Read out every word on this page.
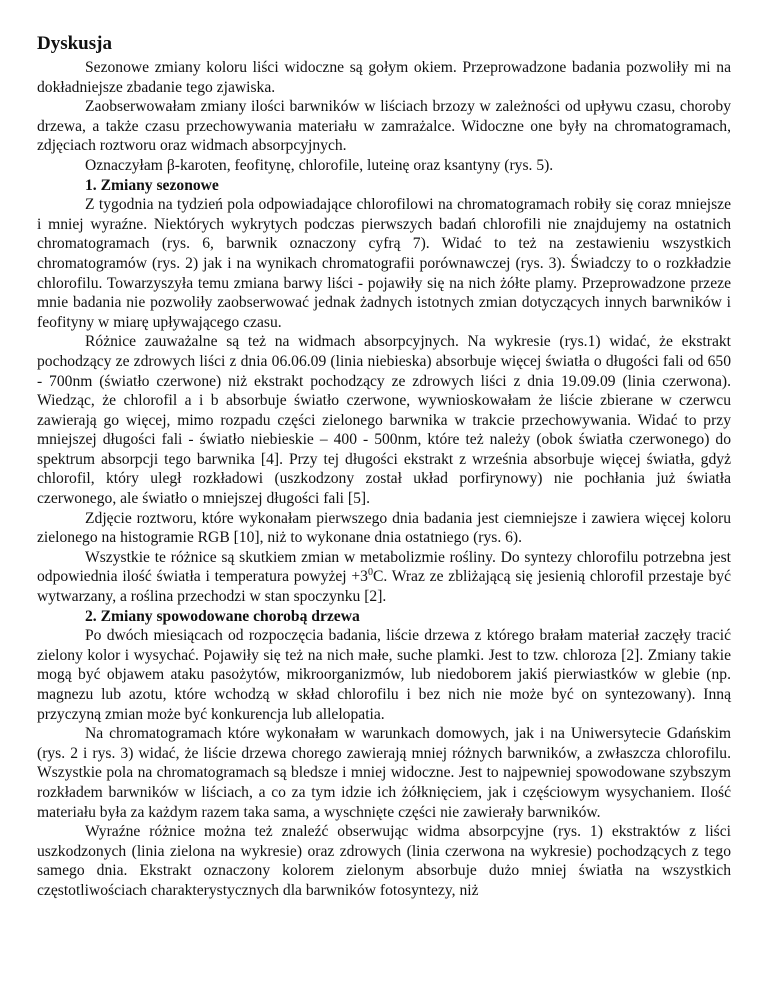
Dyskusja

Sezonowe zmiany koloru liści widoczne są gołym okiem. Przeprowadzone badania pozwoliły mi na dokładniejsze zbadanie tego zjawiska.

Zaobserwowałam zmiany ilości barwników w liściach brzozy w zależności od upływu czasu, choroby drzewa, a także czasu przechowywania materiału w zamrażalce. Widoczne one były na chromatogramach, zdjęciach roztworu oraz widmach absorpcyjnych.

Oznaczyłam β-karoten, feofitynę, chlorofile, luteinę oraz ksantyny (rys. 5).

1. Zmiany sezonowe

Z tygodnia na tydzień pola odpowiadające chlorofilowi na chromatogramach robiły się coraz mniejsze i mniej wyraźne. Niektórych wykrytych podczas pierwszych badań chlorofili nie znajdujemy na ostatnich chromatogramach (rys. 6, barwnik oznaczony cyfrą 7). Widać to też na zestawieniu wszystkich chromatogramów (rys. 2) jak i na wynikach chromatografii porównawczej (rys. 3). Świadczy to o rozkładzie chlorofilu. Towarzyszyła temu zmiana barwy liści - pojawiły się na nich żółte plamy. Przeprowadzone przeze mnie badania nie pozwoliły zaobserwować jednak żadnych istotnych zmian dotyczących innych barwników i feofityny w miarę upływającego czasu.

Różnice zauważalne są też na widmach absorpcyjnych. Na wykresie (rys.1) widać, że ekstrakt pochodzący ze zdrowych liści z dnia 06.06.09 (linia niebieska) absorbuje więcej światła o długości fali od 650 - 700nm (światło czerwone) niż ekstrakt pochodzący ze zdrowych liści z dnia 19.09.09 (linia czerwona). Wiedząc, że chlorofil a i b absorbuje światło czerwone, wywnioskowałam że liście zbierane w czerwcu zawierają go więcej, mimo rozpadu części zielonego barwnika w trakcie przechowywania. Widać to przy mniejszej długości fali - światło niebieskie – 400 - 500nm, które też należy (obok światła czerwonego) do spektrum absorpcji tego barwnika [4]. Przy tej długości ekstrakt z września absorbuje więcej światła, gdyż chlorofil, który uległ rozkładowi (uszkodzony został układ porfirynowy) nie pochłania już światła czerwonego, ale światło o mniejszej długości fali [5].

Zdjęcie roztworu, które wykonałam pierwszego dnia badania jest ciemniejsze i zawiera więcej koloru zielonego na histogramie RGB [10], niż to wykonane dnia ostatniego (rys. 6).

Wszystkie te różnice są skutkiem zmian w metabolizmie rośliny. Do syntezy chlorofilu potrzebna jest odpowiednia ilość światła i temperatura powyżej $+3^0C$. Wraz ze zbliżającą się jesienią chlorofil przestaje być wytwarzany, a roślina przechodzi w stan spoczynku [2].

2. Zmiany spowodowane chorobą drzewa

Po dwóch miesiącach od rozpoczęcia badania, liście drzewa z którego brałam materiał zaczęły tracić zielony kolor i wysychać. Pojawiły się też na nich małe, suche plamki. Jest to tzw. chloroza [2]. Zmiany takie mogą być objawem ataku pasożytów, mikroorganizmów, lub niedoborem jakiś pierwiastków w glebie (np. magnezu lub azotu, które wchodzą w skład chlorofilu i bez nich nie może być on syntezowany). Inną przyczyną zmian może być konkurencja lub allelopatia.

Na chromatogramach które wykonałam w warunkach domowych, jak i na Uniwersytecie Gdańskim (rys. 2 i rys. 3) widać, że liście drzewa chorego zawierają mniej różnych barwników, a zwłaszcza chlorofilu. Wszystkie pola na chromatogramach są bledsze i mniej widoczne. Jest to najpewniej spowodowane szybszym rozkładem barwników w liściach, a co za tym idzie ich żółknięciem, jak i częściowym wysychaniem. Ilość materiału była za każdym razem taka sama, a wyschnięte części nie zawierały barwników.

Wyraźne różnice można też znaleźć obserwując widma absorpcyjne (rys. 1) ekstraktów z liści uszkodzonych (linia zielona na wykresie) oraz zdrowych (linia czerwona na wykresie) pochodzących z tego samego dnia. Ekstrakt oznaczony kolorem zielonym absorbuje dużo mniej światła na wszystkich częstotliwościach charakterystycznych dla barwników fotosyntezy, niż
